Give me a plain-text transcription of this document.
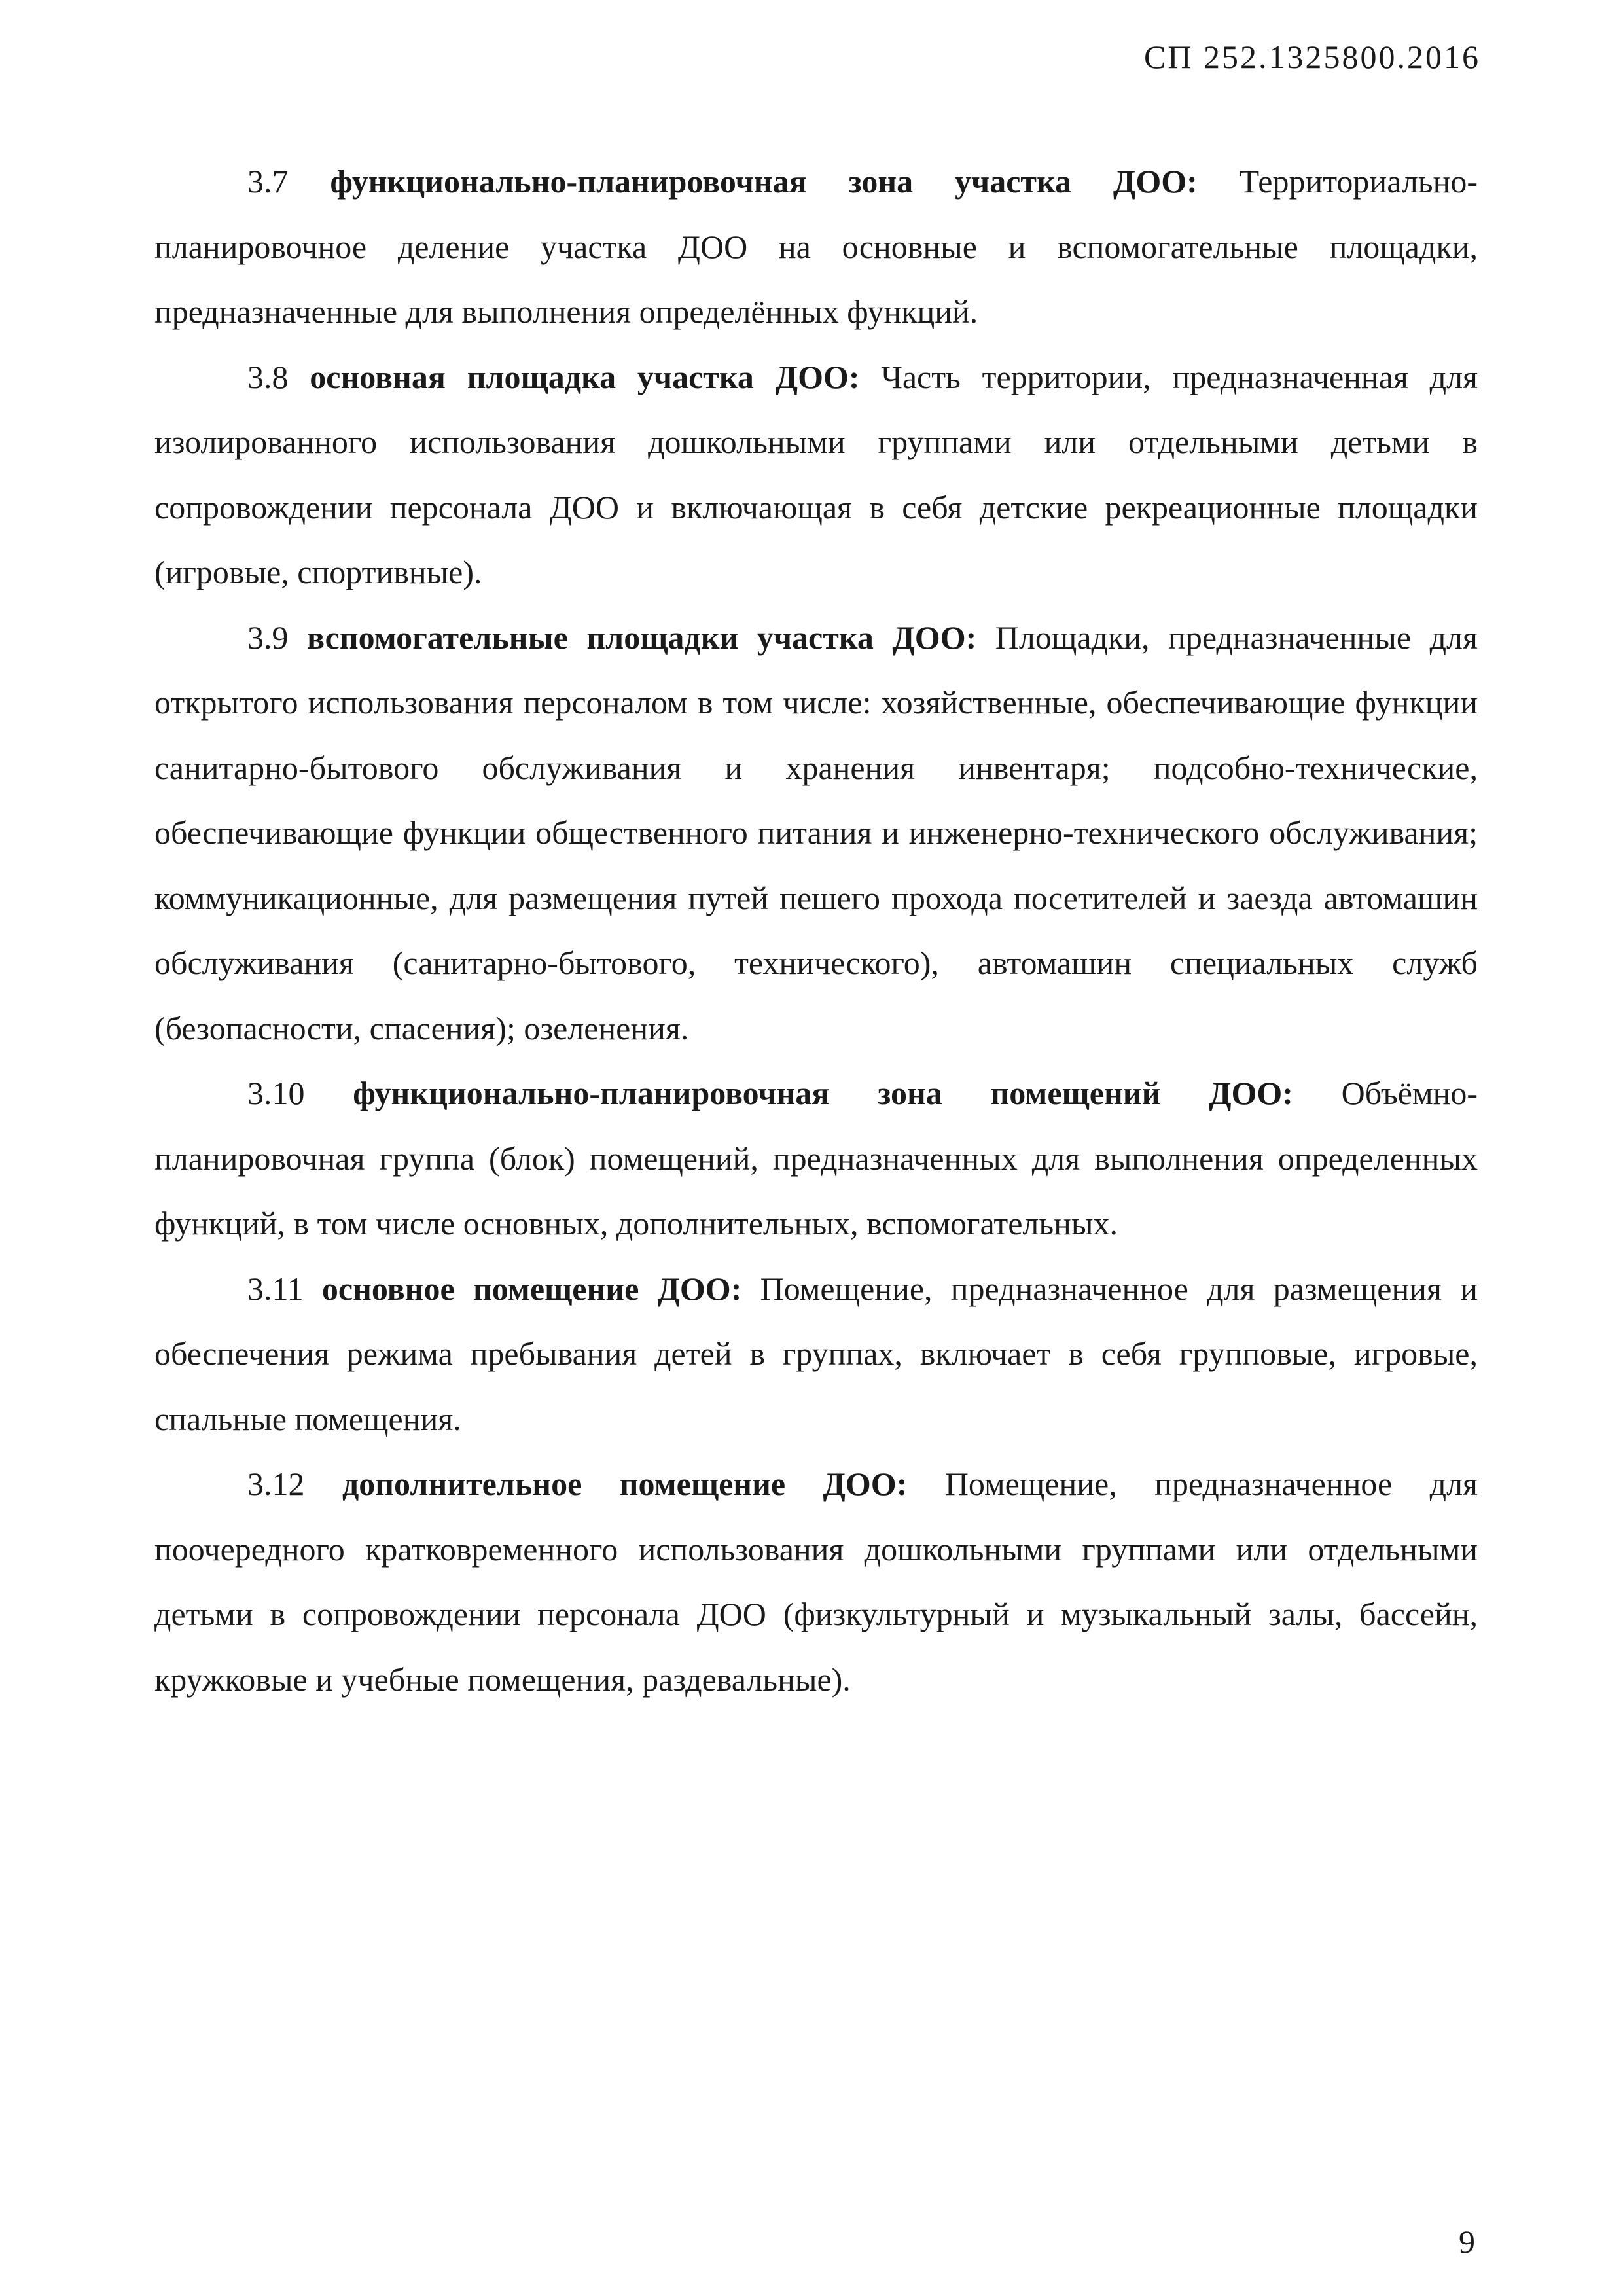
СП 252.1325800.2016

3.7 функционально-планировочная зона участка ДОО: Территориально-планировочное деление участка ДОО на основные и вспомогательные площадки, предназначенные для выполнения определённых функций.

3.8 основная площадка участка ДОО: Часть территории, предназначенная для изолированного использования дошкольными группами или отдельными детьми в сопровождении персонала ДОО и включающая в себя детские рекреационные площадки (игровые, спортивные).

3.9 вспомогательные площадки участка ДОО: Площадки, предназначенные для открытого использования персоналом в том числе: хозяйственные, обеспечивающие функции санитарно-бытового обслуживания и хранения инвентаря; подсобно-технические, обеспечивающие функции общественного питания и инженерно-технического обслуживания; коммуникационные, для размещения путей пешего прохода посетителей и заезда автомашин обслуживания (санитарно-бытового, технического), автомашин специальных служб (безопасности, спасения); озеленения.

3.10 функционально-планировочная зона помещений ДОО: Объёмно-планировочная группа (блок) помещений, предназначенных для выполнения определенных функций, в том числе основных, дополнительных, вспомогательных.

3.11 основное помещение ДОО: Помещение, предназначенное для размещения и обеспечения режима пребывания детей в группах, включает в себя групповые, игровые, спальные помещения.

3.12 дополнительное помещение ДОО: Помещение, предназначенное для поочередного кратковременного использования дошкольными группами или отдельными детьми в сопровождении персонала ДОО (физкультурный и музыкальный залы, бассейн, кружковые и учебные помещения, раздевальные).

9
